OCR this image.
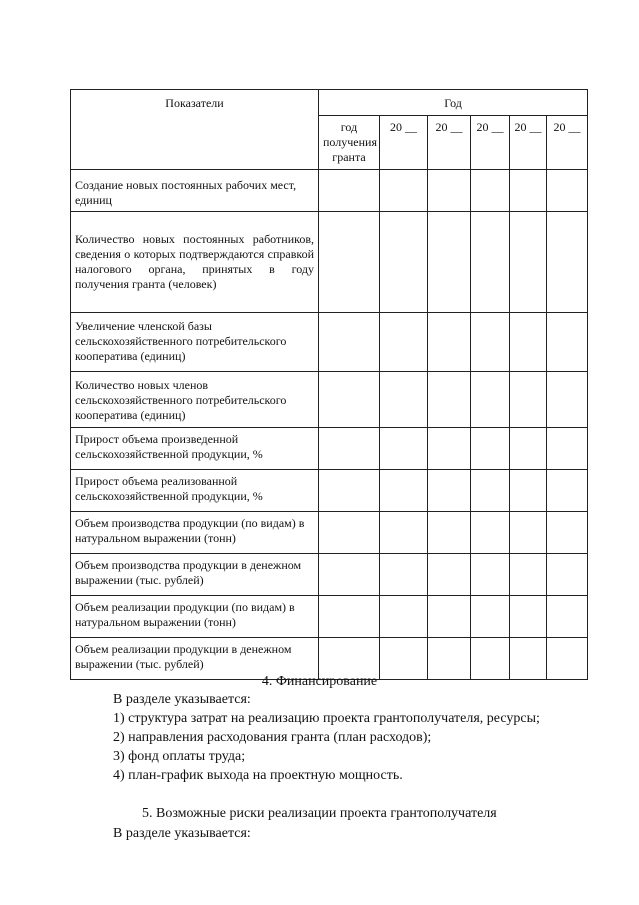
Показатели	Год					
	год получения гранта	20 __	20 __	20 __	20 __	20 __
Создание новых постоянных рабочих мест, единиц						
Количество новых постоянных работников, сведения о которых подтверждаются справкой налогового органа, принятых в году получения гранта (человек)						
Увеличение членской базы сельскохозяйственного потребительского кооператива (единиц)						
Количество новых членов сельскохозяйственного потребительского кооператива (единиц)						
Прирост объема произведенной сельскохозяйственной продукции, %						
Прирост объема реализованной сельскохозяйственной продукции, %						
Объем производства продукции (по видам) в натуральном выражении (тонн)						
Объем производства продукции в денежном выражении (тыс. рублей)						
Объем реализации продукции (по видам) в натуральном выражении (тонн)						
Объем реализации продукции в денежном выражении (тыс. рублей)						
4. Финансирование
В разделе указывается:
1) структура затрат на реализацию проекта грантополучателя, ресурсы;
2) направления расходования гранта (план расходов);
3) фонд оплаты труда;
4) план-график выхода на проектную мощность.
5. Возможные риски реализации проекта грантополучателя
В разделе указывается:
